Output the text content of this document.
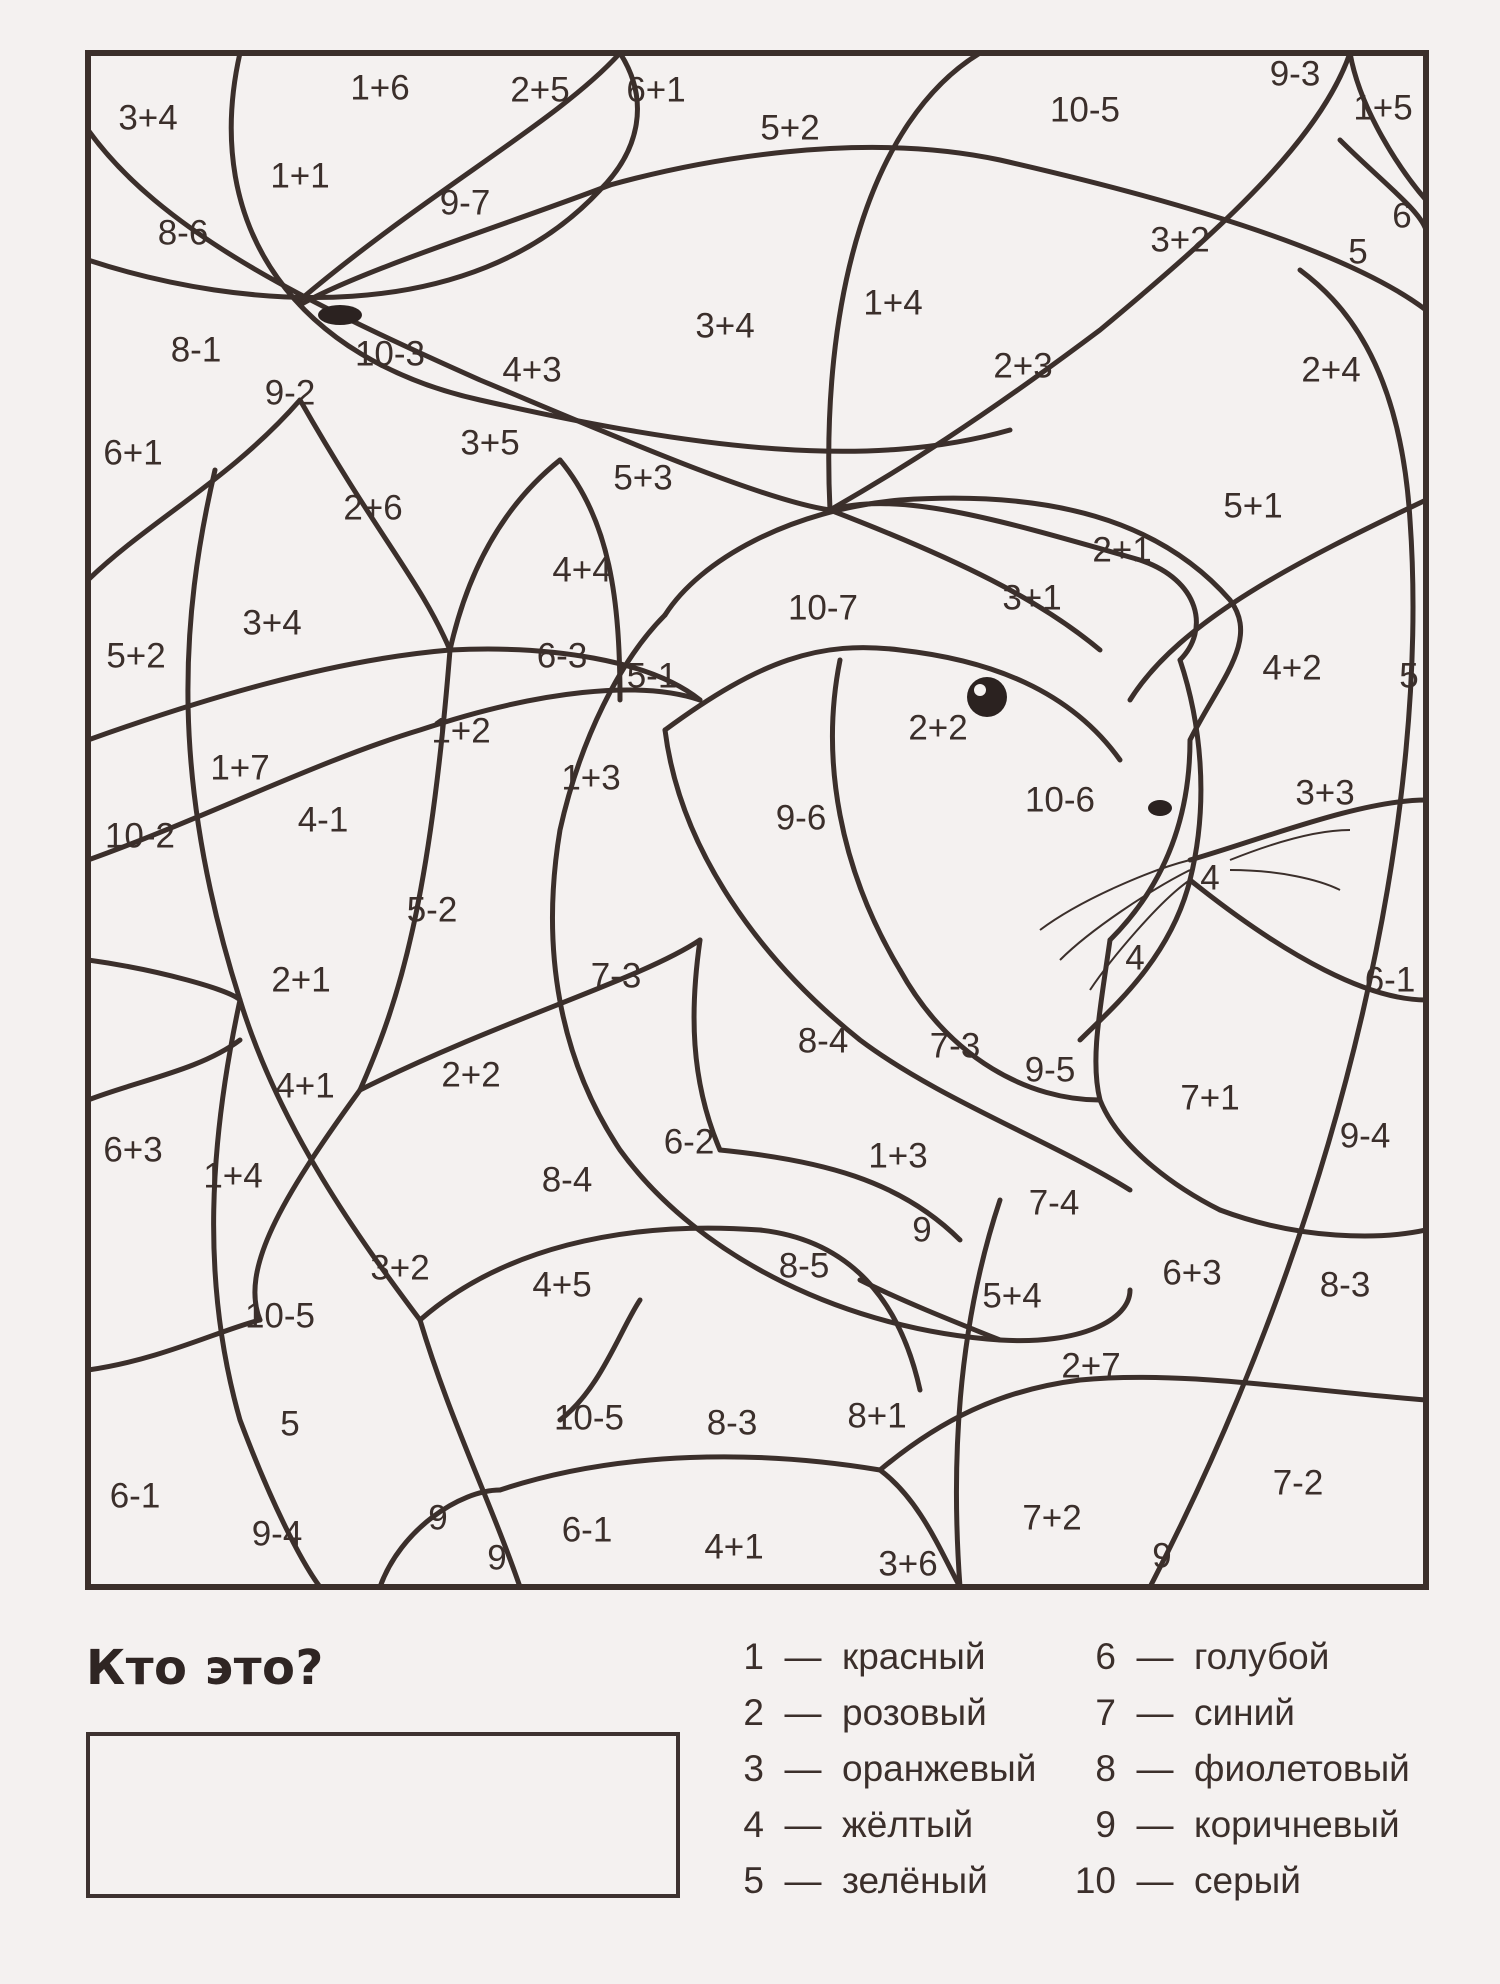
3+4
1+6	2+5 6+1
5+2	10-5
9-3
1+5
1+1
9-7
8-6	3+2
6
5
8-1	10-3
3+4
1+4
2+3	2+4
9-2
4+3
6+1	3+5
5+3
2+6	5+1
2+1
4+4
10-7	3+1
3+4
5+2	6-3
5-1	4+2 5
1+2	2+2
1+7	1+3
10-6	3+3
10-2	4-1	9-6
4
5-2
4
2+1	7-3	6-1
8-4 7-3
9-5
4+1	2+2
7+1
6+3	6-2	9-4
1+4	8-4
1+3
7-4
9
3+2	4+5	8-5	6+3	8-3
10-5
5+4
2+7
5	10-5 8-3	8+1
6-1	7-2
9
9-4	6-1	7+2
9	4+1	3+6	9
Кто это?	1 — красный
2 — розовый
3 — оранжевый
4 — жёлтый
5 — зелёный
6 — голубой
7 — синий
8 — фиолетовый
9 — коричневый
10 — серый
